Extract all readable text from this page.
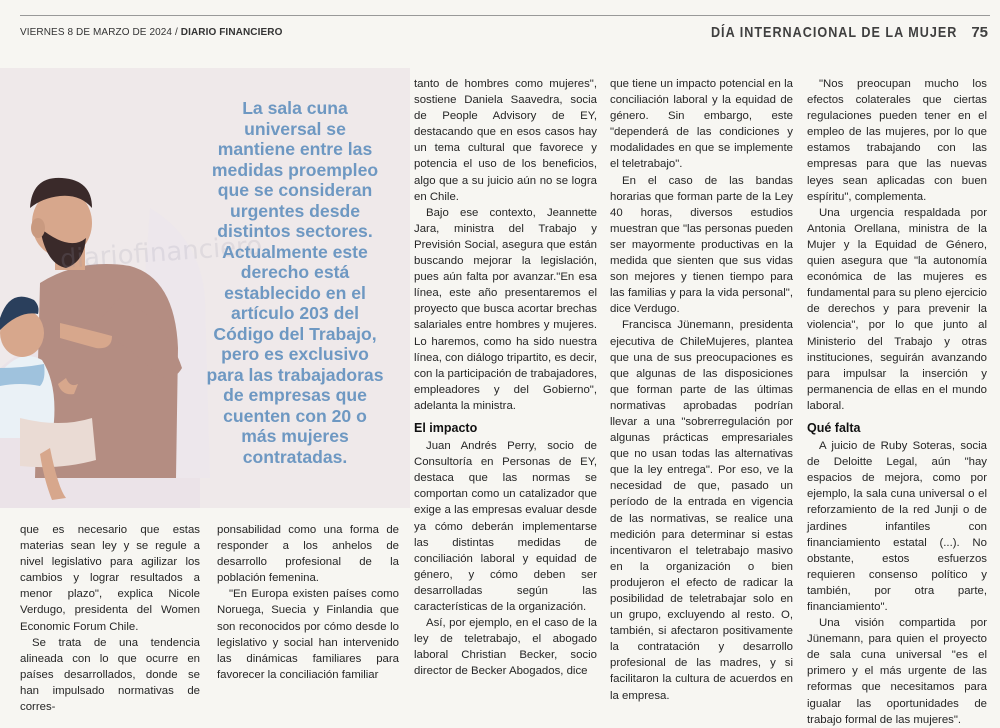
VIERNES 8 DE MARZO DE 2024 / DIARIO FINANCIERO	DÍA INTERNACIONAL DE LA MUJER 75
diariofinanciero
La sala cuna universal se mantiene entre las medidas proempleo que se consideran urgentes desde distintos sectores. Actualmente este derecho está establecido en el artículo 203 del Código del Trabajo, pero es exclusivo para las trabajadoras de empresas que cuenten con 20 o más mujeres contratadas.

que es necesario que estas materias sean ley y se regule a nivel legislativo para agilizar los cambios y lograr resultados a menor plazo", explica Nicole Verdugo, presidenta del Women Economic Forum Chile.

Se trata de una tendencia alineada con lo que ocurre en países desarrollados, donde se han impulsado normativas de corres-

ponsabilidad como una forma de responder a los anhelos de desarrollo profesional de la población femenina.

"En Europa existen países como Noruega, Suecia y Finlandia que son reconocidos por cómo desde lo legislativo y social han intervenido las dinámicas familiares para favorecer la conciliación familiar

tanto de hombres como mujeres", sostiene Daniela Saavedra, socia de People Advisory de EY, destacando que en esos casos hay un tema cultural que favorece y potencia el uso de los beneficios, algo que a su juicio aún no se logra en Chile.

Bajo ese contexto, Jeannette Jara, ministra del Trabajo y Previsión Social, asegura que están buscando mejorar la legislación, pues aún falta por avanzar."En esa línea, este año presentaremos el proyecto que busca acortar brechas salariales entre hombres y mujeres. Lo haremos, como ha sido nuestra línea, con diálogo tripartito, es decir, con la participación de trabajadores, empleadores y del Gobierno", adelanta la ministra.

El impacto

Juan Andrés Perry, socio de Consultoría en Personas de EY, destaca que las normas se comportan como un catalizador que exige a las empresas evaluar desde ya cómo deberán implementarse las distintas medidas de conciliación laboral y equidad de género, y cómo deben ser desarrolladas según las características de la organización.

Así, por ejemplo, en el caso de la ley de teletrabajo, el abogado laboral Christian Becker, socio director de Becker Abogados, dice

que tiene un impacto potencial en la conciliación laboral y la equidad de género. Sin embargo, este "dependerá de las condiciones y modalidades en que se implemente el teletrabajo".

En el caso de las bandas horarias que forman parte de la Ley 40 horas, diversos estudios muestran que "las personas pueden ser mayormente productivas en la medida que sienten que sus vidas son mejores y tienen tiempo para las familias y para la vida personal", dice Verdugo.

Francisca Jünemann, presidenta ejecutiva de ChileMujeres, plantea que una de sus preocupaciones es que algunas de las disposiciones que forman parte de las últimas normativas aprobadas podrían llevar a una "sobrerregulación por algunas prácticas empresariales que no usan todas las alternativas que la ley entrega". Por eso, ve la necesidad de que, pasado un período de la entrada en vigencia de las normativas, se realice una medición para determinar si estas incentivaron el teletrabajo masivo en la organización o bien produjeron el efecto de radicar la posibilidad de teletrabajar solo en un grupo, excluyendo al resto. O, también, si afectaron positivamente la contratación y desarrollo profesional de las madres, y si facilitaron la cultura de acuerdos en la empresa.

"Nos preocupan mucho los efectos colaterales que ciertas regulaciones pueden tener en el empleo de las mujeres, por lo que estamos trabajando con las empresas para que las nuevas leyes sean aplicadas con buen espíritu", complementa.

Una urgencia respaldada por Antonia Orellana, ministra de la Mujer y la Equidad de Género, quien asegura que "la autonomía económica de las mujeres es fundamental para su pleno ejercicio de derechos y para prevenir la violencia", por lo que junto al Ministerio del Trabajo y otras instituciones, seguirán avanzando para impulsar la inserción y permanencia de ellas en el mundo laboral.

Qué falta

A juicio de Ruby Soteras, socia de Deloitte Legal, aún "hay espacios de mejora, como por ejemplo, la sala cuna universal o el reforzamiento de la red Junji o de jardines infantiles con financiamiento estatal (...). No obstante, estos esfuerzos requieren consenso político y también, por otra parte, financiamiento".

Una visión compartida por Jünemann, para quien el proyecto de sala cuna universal "es el primero y el más urgente de las reformas que necesitamos para igualar las oportunidades de trabajo formal de las mujeres".
